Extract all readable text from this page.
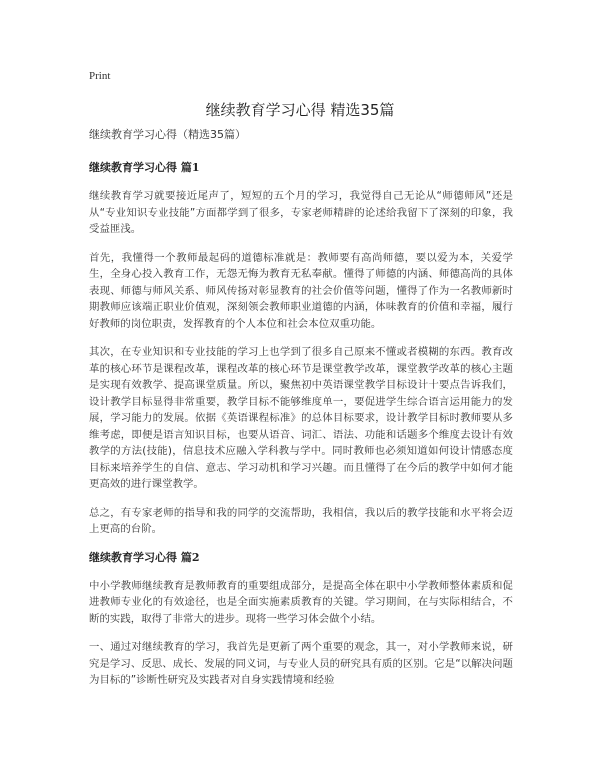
Print
继续教育学习心得 精选35篇

继续教育学习心得（精选35篇）

继续教育学习心得 篇1

继续教育学习就要接近尾声了，短短的五个月的学习，我觉得自己无论从“师德师风”还是从“专业知识专业技能”方面都学到了很多，专家老师精辟的论述给我留下了深刻的印象，我受益匪浅。

首先，我懂得一个教师最起码的道德标准就是：教师要有高尚师德，要以爱为本，关爱学生，全身心投入教育工作，无怨无悔为教育无私奉献。懂得了师德的内涵、师德高尚的具体表现、师德与师风关系、师风传扬对彰显教育的社会价值等问题，懂得了作为一名教师新时期教师应该端正职业价值观，深刻领会教师职业道德的内涵，体味教育的价值和幸福，履行好教师的岗位职责，发挥教育的个人本位和社会本位双重功能。

其次，在专业知识和专业技能的学习上也学到了很多自己原来不懂或者模糊的东西。教育改革的核心环节是课程改革，课程改革的核心环节是课堂教学改革，课堂教学改革的核心主题是实现有效教学、提高课堂质量。所以，聚焦初中英语课堂教学目标设计十要点告诉我们，设计教学目标显得非常重要，教学目标不能够维度单一，要促进学生综合语言运用能力的发展，学习能力的发展。依据《英语课程标准》的总体目标要求，设计教学目标时教师要从多维考虑，即便是语言知识目标，也要从语音、词汇、语法、功能和话题多个维度去设计有效教学的方法(技能)，信息技术应融入学科教与学中。同时教师也必须知道如何设计情感态度目标来培养学生的自信、意志、学习动机和学习兴趣。而且懂得了在今后的教学中如何才能更高效的进行课堂教学。

总之，有专家老师的指导和我的同学的交流帮助，我相信，我以后的教学技能和水平将会迈上更高的台阶。

继续教育学习心得 篇2

中小学教师继续教育是教师教育的重要组成部分，是提高全体在职中小学教师整体素质和促进教师专业化的有效途径，也是全面实施素质教育的关键。学习期间，在与实际相结合，不断的实践，取得了非常大的进步。现将一些学习体会做个小结。

一、通过对继续教育的学习，我首先是更新了两个重要的观念，其一，对小学教师来说，研究是学习、反思、成长、发展的同义词，与专业人员的研究具有质的区别。它是“以解决问题为目标的”诊断性研究及实践者对自身实践情境和经验
